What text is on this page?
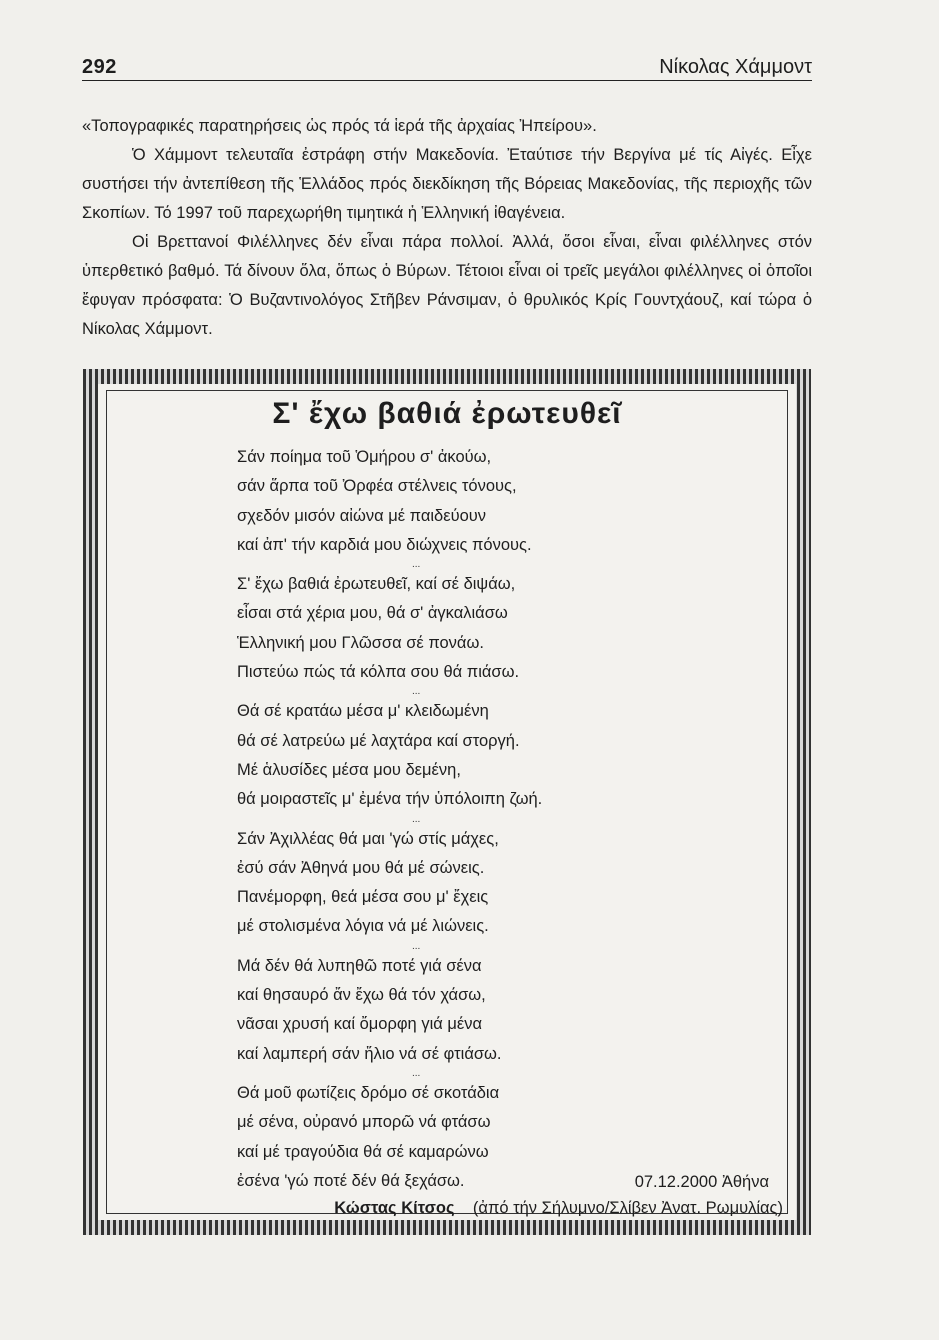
292	Νίκολας Χάμμοντ

«Τοπογραφικές παρατηρήσεις ὡς πρός τά ἱερά τῆς ἀρχαίας Ἠπείρου».

Ὁ Χάμμοντ τελευταῖα ἐστράφη στήν Μακεδονία. Ἐταύτισε τήν Βεργίνα μέ τίς Αἰγές. Εἶχε συστήσει τήν ἀντεπίθεση τῆς Ἑλλάδος πρός διεκδίκηση τῆς Βόρειας Μακεδονίας, τῆς περιοχῆς τῶν Σκοπίων. Τό 1997 τοῦ παρεχωρήθη τιμητικά ἡ Ἑλληνική ἰθαγένεια.

Οἱ Βρεττανοί Φιλέλληνες δέν εἶναι πάρα πολλοί. Ἀλλά, ὅσοι εἶναι, εἶναι φιλέλληνες στόν ὑπερθετικό βαθμό. Τά δίνουν ὅλα, ὅπως ὁ Βύρων. Τέτοιοι εἶναι οἱ τρεῖς μεγάλοι φιλέλληνες οἱ ὁποῖοι ἔφυγαν πρόσφατα: Ὁ Βυζαντινολόγος Στῆβεν Ράνσιμαν, ὁ θρυλικός Κρίς Γουντχάουζ, καί τώρα ὁ Νίκολας Χάμμοντ.

Σ' ἔχω βαθιά ἐρωτευθεῖ
Σάν ποίημα τοῦ Ὁμήρου σ' ἀκούω,
σάν ἅρπα τοῦ Ὀρφέα στέλνεις τόνους,
σχεδόν μισόν αἰώνα μέ παιδεύουν
καί ἀπ' τήν καρδιά μου διώχνεις πόνους.
...
Σ' ἔχω βαθιά ἐρωτευθεῖ, καί σέ διψάω,
εἶσαι στά χέρια μου, θά σ' ἀγκαλιάσω
Ἑλληνική μου Γλῶσσα σέ πονάω.
Πιστεύω πώς τά κόλπα σου θά πιάσω.
...
Θά σέ κρατάω μέσα μ' κλειδωμένη
θά σέ λατρεύω μέ λαχτάρα καί στοργή.
Μέ ἁλυσίδες μέσα μου δεμένη,
θά μοιραστεῖς μ' ἐμένα τήν ὑπόλοιπη ζωή.
...
Σάν Ἀχιλλέας θά μαι 'γώ στίς μάχες,
ἐσύ σάν Ἀθηνά μου θά μέ σώνεις.
Πανέμορφη, θεά μέσα σου μ' ἔχεις
μέ στολισμένα λόγια νά μέ λιώνεις.
...
Μά δέν θά λυπηθῶ ποτέ γιά σένα
καί θησαυρό ἄν ἔχω θά τόν χάσω,
νᾶσαι χρυσή καί ὄμορφη γιά μένα
καί λαμπερή σάν ἥλιο νά σέ φτιάσω.
...
Θά μοῦ φωτίζεις δρόμο σέ σκοτάδια
μέ σένα, οὐρανό μπορῶ νά φτάσω
καί μέ τραγούδια θά σέ καμαρώνω
ἐσένα 'γώ ποτέ δέν θά ξεχάσω.	07.12.2000 Ἀθήνα
Κώστας Κίτσος (ἀπό τήν Σήλυμνο/Σλίβεν Ἀνατ. Ρωμυλίας)
